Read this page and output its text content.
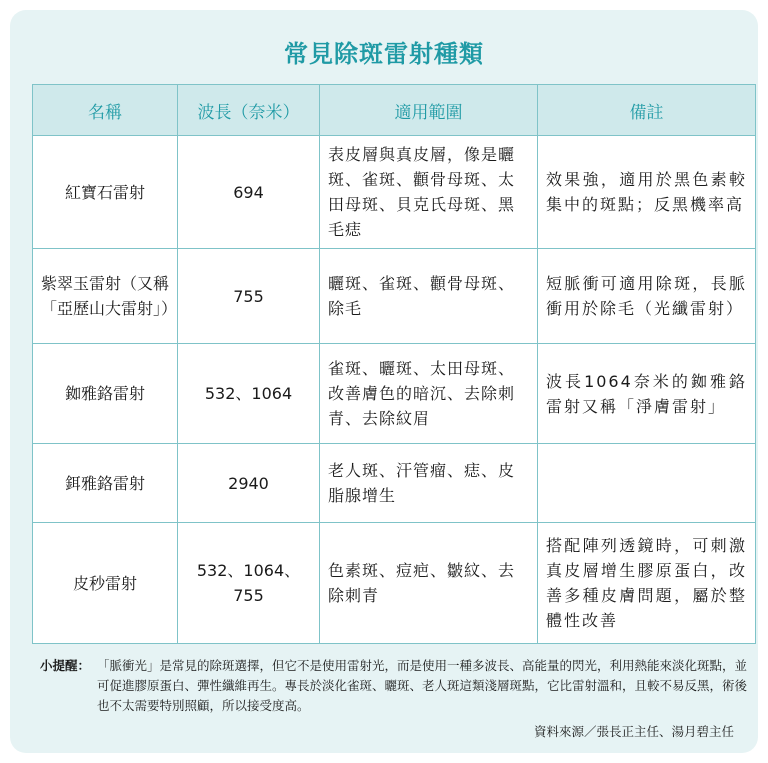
常見除斑雷射種類
名稱	波長（奈米）	適用範圍	備註
紅寶石雷射	694	表皮層與真皮層，像是曬斑、雀斑、顴骨母斑、太田母斑、貝克氏母斑、黑毛痣	效果強，適用於黑色素較集中的斑點；反黑機率高
紫翠玉雷射（又稱「亞歷山大雷射」）	755	曬斑、雀斑、顴骨母斑、除毛	短脈衝可適用除斑，長脈衝用於除毛（光纖雷射）
銣雅鉻雷射	532、1064	雀斑、曬斑、太田母斑、改善膚色的暗沉、去除刺青、去除紋眉	波長1064奈米的銣雅鉻雷射又稱「淨膚雷射」
鉺雅鉻雷射	2940	老人斑、汗管瘤、痣、皮脂腺增生	
皮秒雷射	532、1064、755	色素斑、痘疤、皺紋、去除刺青	搭配陣列透鏡時，可刺激真皮層增生膠原蛋白，改善多種皮膚問題，屬於整體性改善
小提醒： 「脈衝光」是常見的除斑選擇，但它不是使用雷射光，而是使用一種多波長、高能量的閃光，利用熱能來淡化斑點，並可促進膠原蛋白、彈性纖維再生。專長於淡化雀斑、曬斑、老人斑這類淺層斑點，它比雷射溫和，且較不易反黑，術後也不太需要特別照顧，所以接受度高。
資料來源／張長正主任、湯月碧主任
